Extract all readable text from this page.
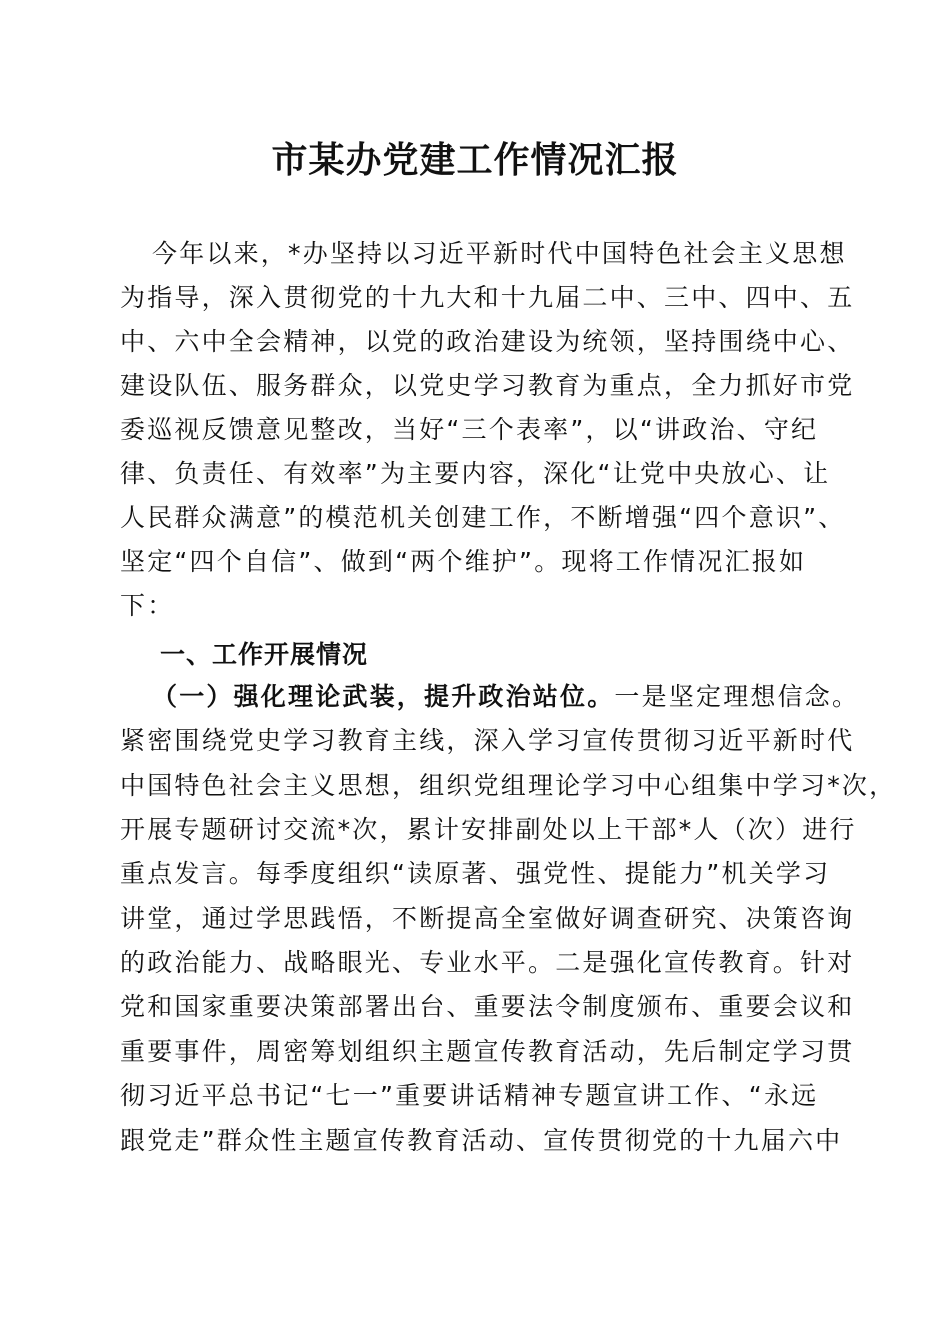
市某办党建工作情况汇报

今年以来，*办坚持以习近平新时代中国特色社会主义思想

为指导，深入贯彻党的十九大和十九届二中、三中、四中、五

中、六中全会精神，以党的政治建设为统领，坚持围绕中心、

建设队伍、服务群众，以党史学习教育为重点，全力抓好市党

委巡视反馈意见整改，当好“三个表率”，以“讲政治、守纪

律、负责任、有效率”为主要内容，深化“让党中央放心、让

人民群众满意”的模范机关创建工作，不断增强“四个意识”、

坚定“四个自信”、做到“两个维护”。现将工作情况汇报如

下：

一、工作开展情况

（一）强化理论武装，提升政治站位。一是坚定理想信念。

紧密围绕党史学习教育主线，深入学习宣传贯彻习近平新时代

中国特色社会主义思想，组织党组理论学习中心组集中学习*次，

开展专题研讨交流*次，累计安排副处以上干部*人（次）进行

重点发言。每季度组织“读原著、强党性、提能力”机关学习

讲堂，通过学思践悟，不断提高全室做好调查研究、决策咨询

的政治能力、战略眼光、专业水平。二是强化宣传教育。针对

党和国家重要决策部署出台、重要法令制度颁布、重要会议和

重要事件，周密筹划组织主题宣传教育活动，先后制定学习贯

彻习近平总书记“七一”重要讲话精神专题宣讲工作、“永远

跟党走”群众性主题宣传教育活动、宣传贯彻党的十九届六中
